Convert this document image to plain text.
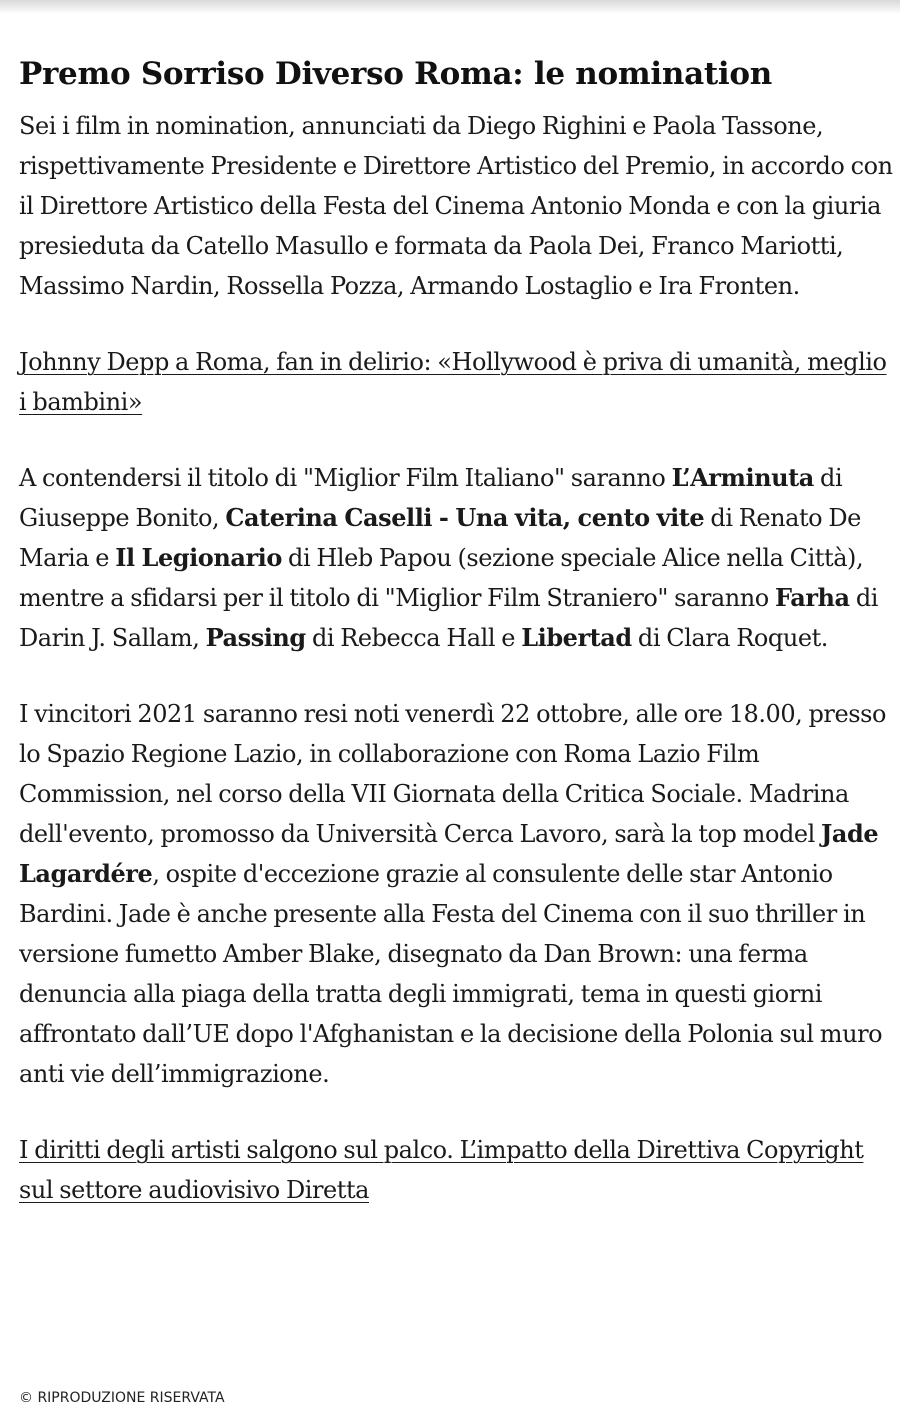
Premo Sorriso Diverso Roma: le nomination

Sei i film in nomination, annunciati da Diego Righini e Paola Tassone, rispettivamente Presidente e Direttore Artistico del Premio, in accordo con il Direttore Artistico della Festa del Cinema Antonio Monda e con la giuria presieduta da Catello Masullo e formata da Paola Dei, Franco Mariotti, Massimo Nardin, Rossella Pozza, Armando Lostaglio e Ira Fronten.

Johnny Depp a Roma, fan in delirio: «Hollywood è priva di umanità, meglio i bambini»

A contendersi il titolo di "Miglior Film Italiano" saranno L’Arminuta di Giuseppe Bonito, Caterina Caselli - Una vita, cento vite di Renato De Maria e Il Legionario di Hleb Papou (sezione speciale Alice nella Città), mentre a sfidarsi per il titolo di "Miglior Film Straniero" saranno Farha di Darin J. Sallam, Passing di Rebecca Hall e Libertad di Clara Roquet.

I vincitori 2021 saranno resi noti venerdì 22 ottobre, alle ore 18.00, presso lo Spazio Regione Lazio, in collaborazione con Roma Lazio Film Commission, nel corso della VII Giornata della Critica Sociale. Madrina dell'evento, promosso da Università Cerca Lavoro, sarà la top model Jade Lagardére, ospite d'eccezione grazie al consulente delle star Antonio Bardini. Jade è anche presente alla Festa del Cinema con il suo thriller in versione fumetto Amber Blake, disegnato da Dan Brown: una ferma denuncia alla piaga della tratta degli immigrati, tema in questi giorni affrontato dall’UE dopo l'Afghanistan e la decisione della Polonia sul muro anti vie dell’immigrazione.

I diritti degli artisti salgono sul palco. L’impatto della Direttiva Copyright sul settore audiovisivo Diretta

© RIPRODUZIONE RISERVATA
